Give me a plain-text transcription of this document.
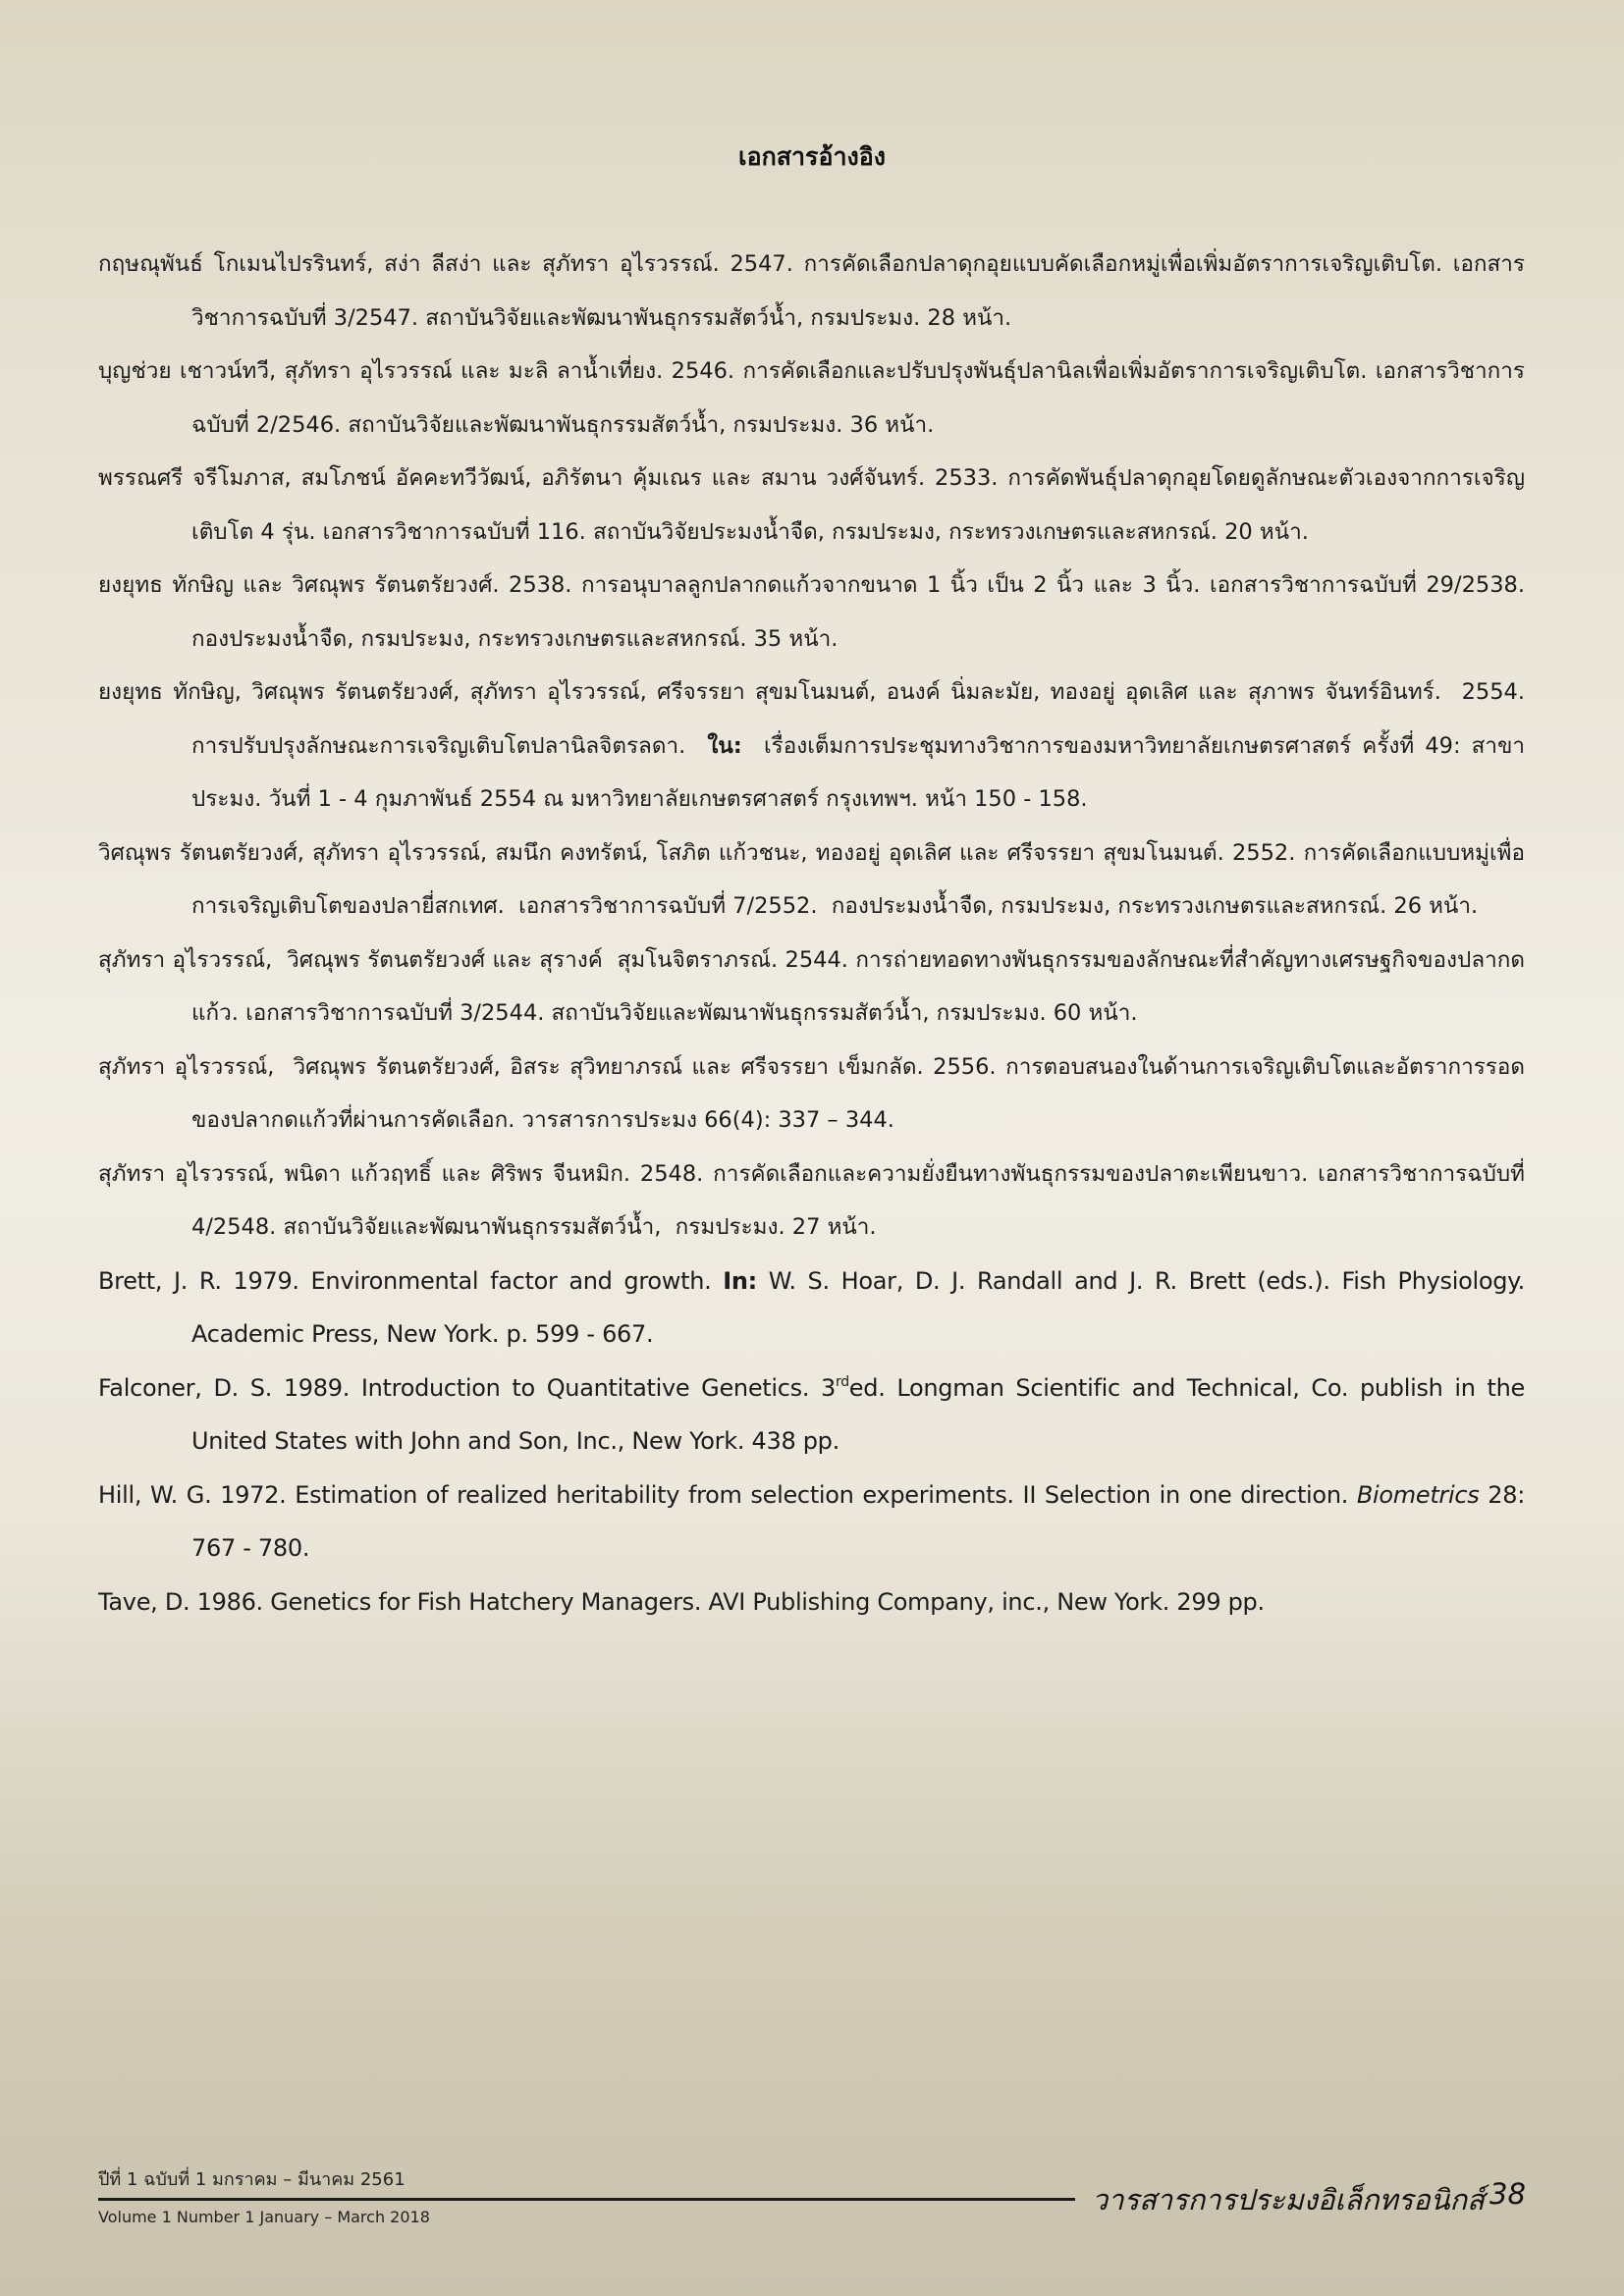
เอกสารอ้างอิง
กฤษณุพันธ์ โกเมนไปรรินทร์, สง่า ลีสง่า และ สุภัทรา อุไรวรรณ์. 2547. การคัดเลือกปลาดุกอุยแบบคัดเลือกหมู่เพื่อเพิ่มอัตราการเจริญเติบโต. เอกสารวิชาการฉบับที่ 3/2547. สถาบันวิจัยและพัฒนาพันธุกรรมสัตว์น้ำ, กรมประมง. 28 หน้า.
บุญช่วย เชาวน์ทวี, สุภัทรา อุไรวรรณ์ และ มะลิ ลาน้ำเที่ยง. 2546. การคัดเลือกและปรับปรุงพันธุ์ปลานิลเพื่อเพิ่มอัตราการเจริญเติบโต. เอกสารวิชาการฉบับที่ 2/2546. สถาบันวิจัยและพัฒนาพันธุกรรมสัตว์น้ำ, กรมประมง. 36 หน้า.
พรรณศรี จรีโมภาส, สมโภชน์ อัคคะทวีวัฒน์, อภิรัตนา คุ้มเณร และ สมาน วงศ์จันทร์. 2533. การคัดพันธุ์ปลาดุกอุยโดยดูลักษณะตัวเองจากการเจริญเติบโต 4 รุ่น. เอกสารวิชาการฉบับที่ 116. สถาบันวิจัยประมงน้ำจืด, กรมประมง, กระทรวงเกษตรและสหกรณ์. 20 หน้า.
ยงยุทธ ทักษิญ และ วิศณุพร รัตนตรัยวงศ์. 2538. การอนุบาลลูกปลากดแก้วจากขนาด 1 นิ้ว เป็น 2 นิ้ว และ 3 นิ้ว. เอกสารวิชาการฉบับที่ 29/2538. กองประมงน้ำจืด, กรมประมง, กระทรวงเกษตรและสหกรณ์. 35 หน้า.
ยงยุทธ ทักษิญ, วิศณุพร รัตนตรัยวงศ์, สุภัทรา อุไรวรรณ์, ศรีจรรยา สุขมโนมนต์, อนงค์ นิ่มละมัย, ทองอยู่ อุดเลิศ และ สุภาพร จันทร์อินทร์.  2554.  การปรับปรุงลักษณะการเจริญเติบโตปลานิลจิตรลดา.  ใน:  เรื่องเต็มการประชุมทางวิชาการของมหาวิทยาลัยเกษตรศาสตร์ ครั้งที่ 49: สาขาประมง. วันที่ 1 - 4 กุมภาพันธ์ 2554 ณ มหาวิทยาลัยเกษตรศาสตร์ กรุงเทพฯ. หน้า 150 - 158.
วิศณุพร รัตนตรัยวงศ์, สุภัทรา อุไรวรรณ์, สมนึก คงทรัตน์, โสภิต แก้วชนะ, ทองอยู่ อุดเลิศ และ ศรีจรรยา สุขมโนมนต์. 2552. การคัดเลือกแบบหมู่เพื่อการเจริญเติบโตของปลายี่สกเทศ.  เอกสารวิชาการฉบับที่ 7/2552.  กองประมงน้ำจืด, กรมประมง, กระทรวงเกษตรและสหกรณ์. 26 หน้า.
สุภัทรา อุไรวรรณ์,  วิศณุพร รัตนตรัยวงศ์ และ สุรางค์  สุมโนจิตราภรณ์. 2544. การถ่ายทอดทางพันธุกรรมของลักษณะที่สำคัญทางเศรษฐกิจของปลากดแก้ว. เอกสารวิชาการฉบับที่ 3/2544. สถาบันวิจัยและพัฒนาพันธุกรรมสัตว์น้ำ, กรมประมง. 60 หน้า.
สุภัทรา อุไรวรรณ์,  วิศณุพร รัตนตรัยวงศ์, อิสระ สุวิทยาภรณ์ และ ศรีจรรยา เข็มกลัด. 2556. การตอบสนองในด้านการเจริญเติบโตและอัตราการรอดของปลากดแก้วที่ผ่านการคัดเลือก. วารสารการประมง 66(4): 337 – 344.
สุภัทรา อุไรวรรณ์, พนิดา แก้วฤทธิ์ และ ศิริพร จีนหมิก. 2548. การคัดเลือกและความยั่งยืนทางพันธุกรรมของปลาตะเพียนขาว. เอกสารวิชาการฉบับที่ 4/2548. สถาบันวิจัยและพัฒนาพันธุกรรมสัตว์น้ำ,  กรมประมง. 27 หน้า.
Brett, J. R. 1979. Environmental factor and growth. In: W. S. Hoar, D. J. Randall and J. R. Brett (eds.). Fish Physiology. Academic Press, New York. p. 599 - 667.
Falconer, D. S. 1989. Introduction to Quantitative Genetics. 3rded. Longman Scientific and Technical, Co. publish in the United States with John and Son, Inc., New York. 438 pp.
Hill, W. G. 1972. Estimation of realized heritability from selection experiments. II Selection in one direction. Biometrics 28: 767 - 780.
Tave, D. 1986. Genetics for Fish Hatchery Managers. AVI Publishing Company, inc., New York. 299 pp.
ปีที่ 1 ฉบับที่ 1 มกราคม – มีนาคม 2561
Volume 1 Number 1 January – March 2018
วารสารการประมงอิเล็กทรอนิกส์ 38
